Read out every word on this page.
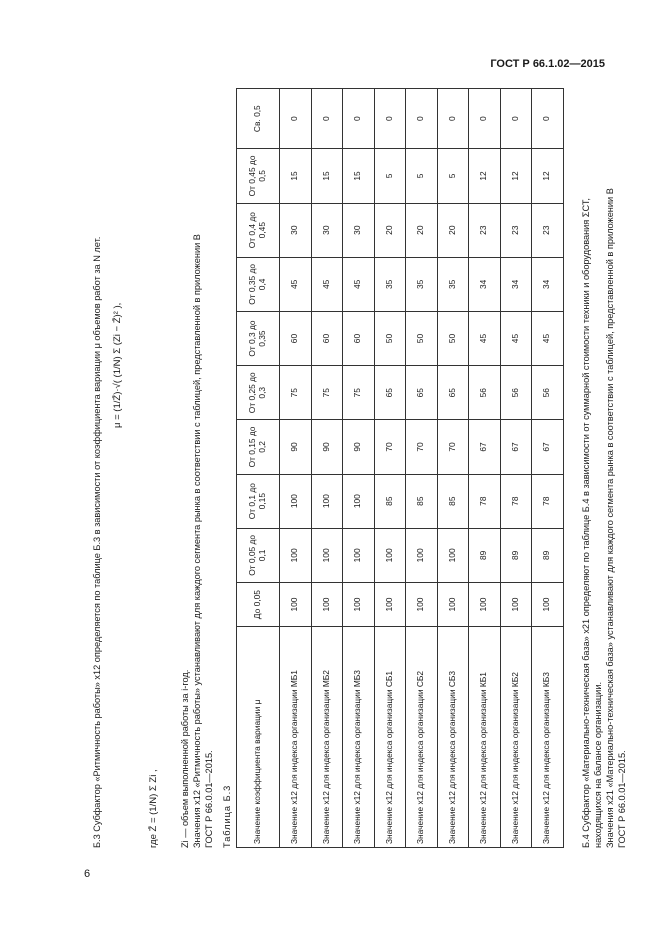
ГОСТ Р 66.1.02—2015
Б.3 Субфактор «Ритмичность работы» x12 определяется по таблице Б.3 в зависимости от коэффициента вариации μ объемов работ за N лет. μ = (1/Z̄)·√( (1/N) Σ (Zi − Z̄)² ),
где Z̄ = (1/N) Σ Zi , Zi — объем выполненной работы за i-год. Значения x12 «Ритмичность работы» устанавливают для каждого сегмента рынка в соответствии с таблицей, представленной в приложении В ГОСТ Р 66.0.01—2015. Таблица Б.3 Значение коэффициента вариации μ	До 0,05	От 0,05 до 0,1	От 0,1 до 0,15	От 0,15 до 0,2	От 0,25 до 0,3	От 0,3 до 0,35	От 0,35 до 0,4	От 0,4 до 0,45	От 0,45 до 0,5	Св. 0,5
Значение x12 для индекса организации МБ1	100	100	100	90	75	60	45	30	15	0
Значение x12 для индекса организации МБ2	100	100	100	90	75	60	45	30	15	0
Значение x12 для индекса организации МБ3	100	100	100	90	75	60	45	30	15	0
Значение x12 для индекса организации СБ1	100	100	85	70	65	50	35	20	5	0
Значение x12 для индекса организации СБ2	100	100	85	70	65	50	35	20	5	0
Значение x12 для индекса организации СБ3	100	100	85	70	65	50	35	20	5	0
Значение x12 для индекса организации КБ1	100	89	78	67	56	45	34	23	12	0
Значение x12 для индекса организации КБ2	100	89	78	67	56	45	34	23	12	0
Значение x12 для индекса организации КБ3	100	89	78	67	56	45	34	23	12	0
Б.4 Субфактор «Материально-техническая база» x21 определяют по таблице Б.4 в зависимости от суммарной стоимости техники и оборудования ΣСТ, находящихся на балансе организации. Значения x21 «Материально-техническая база» устанавливают для каждого сегмента рынка в соответствии с таблицей, представленной в приложении В ГОСТ Р 66.0.01—2015.
6
